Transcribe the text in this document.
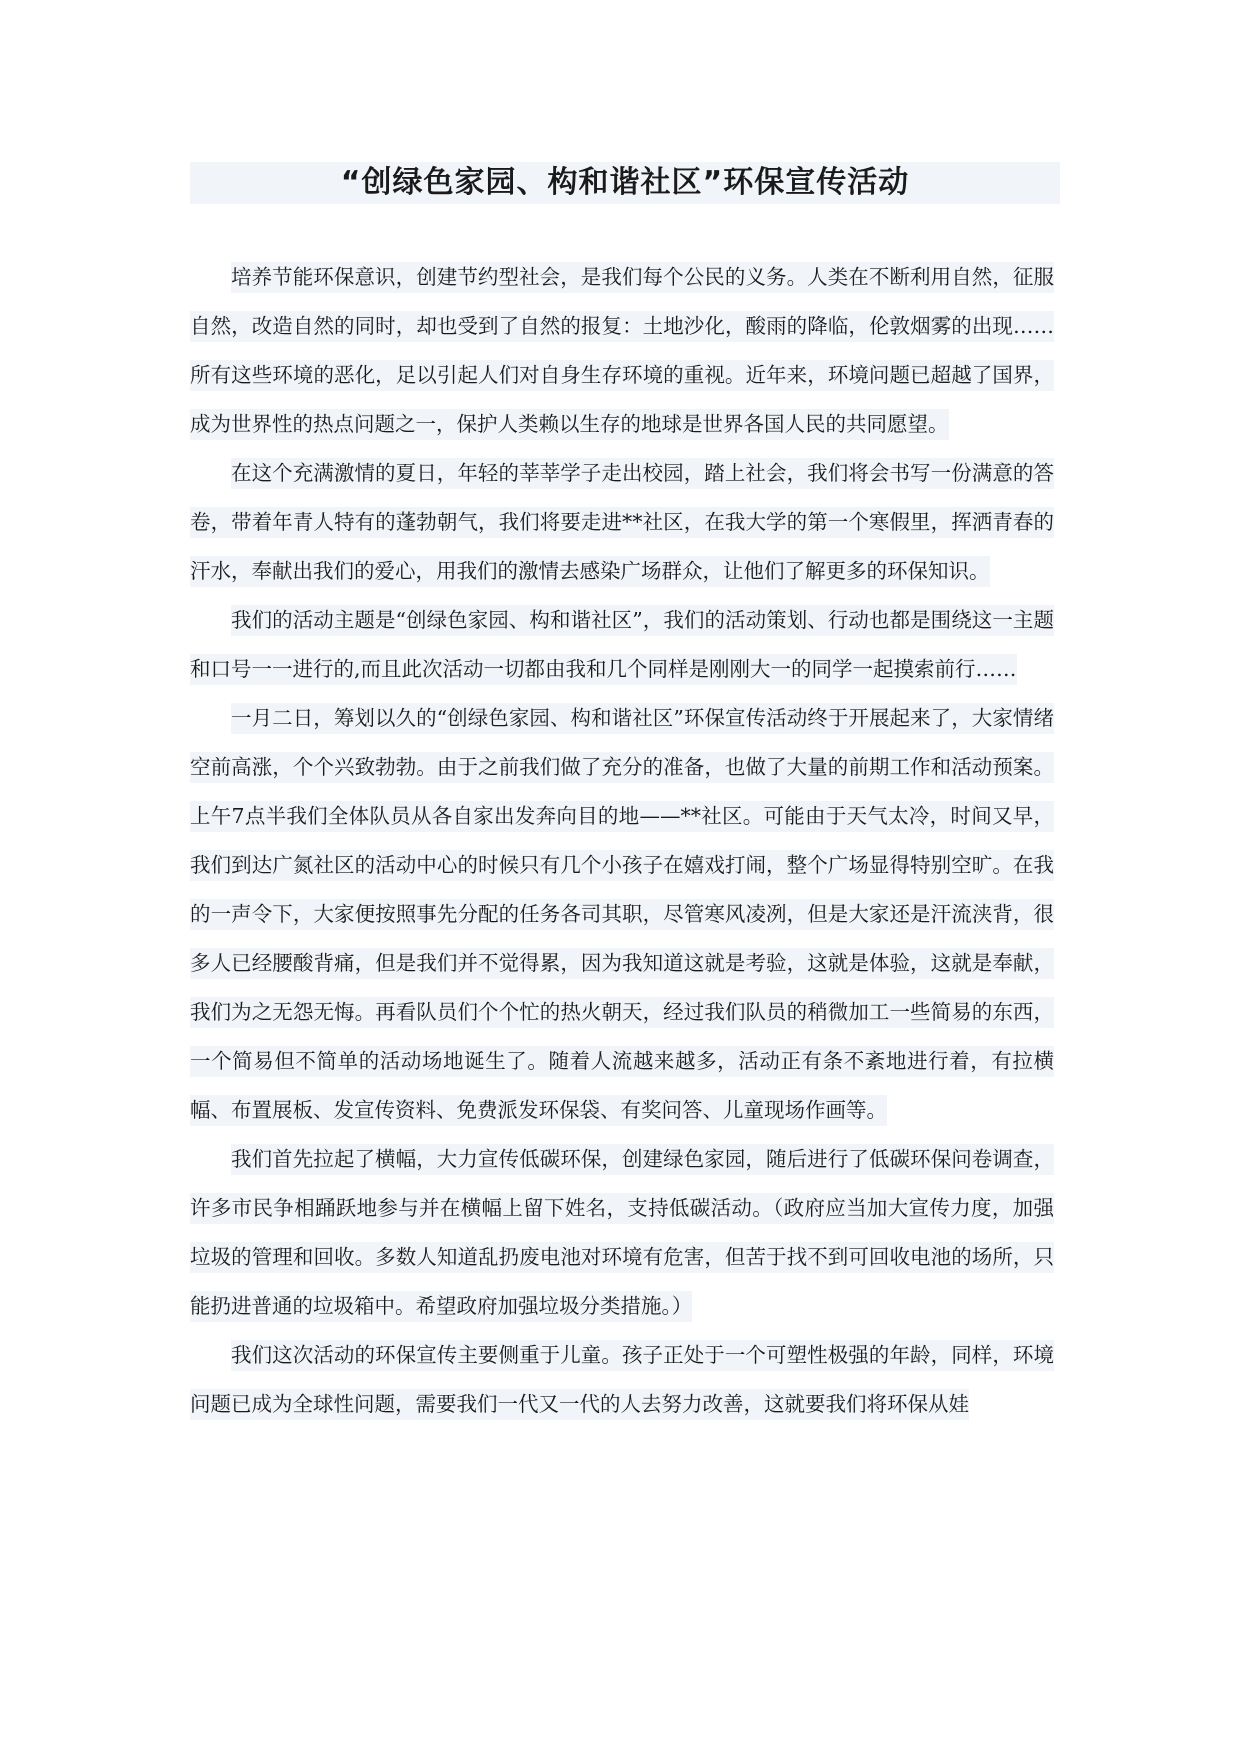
“创绿色家园、构和谐社区”环保宣传活动

培养节能环保意识，创建节约型社会，是我们每个公民的义务。人类在不断利用自然，征服自然，改造自然的同时，却也受到了自然的报复：土地沙化，酸雨的降临，伦敦烟雾的出现……所有这些环境的恶化，足以引起人们对自身生存环境的重视。近年来，环境问题已超越了国界，成为世界性的热点问题之一，保护人类赖以生存的地球是世界各国人民的共同愿望。

在这个充满激情的夏日，年轻的莘莘学子走出校园，踏上社会，我们将会书写一份满意的答卷，带着年青人特有的蓬勃朝气，我们将要走进**社区，在我大学的第一个寒假里，挥洒青春的汗水，奉献出我们的爱心，用我们的激情去感染广场群众，让他们了解更多的环保知识。

我们的活动主题是“创绿色家园、构和谐社区”，我们的活动策划、行动也都是围绕这一主题和口号一一进行的,而且此次活动一切都由我和几个同样是刚刚大一的同学一起摸索前行……

一月二日，筹划以久的“创绿色家园、构和谐社区”环保宣传活动终于开展起来了，大家情绪空前高涨，个个兴致勃勃。由于之前我们做了充分的准备，也做了大量的前期工作和活动预案。上午7点半我们全体队员从各自家出发奔向目的地——**社区。可能由于天气太冷，时间又早，我们到达广氮社区的活动中心的时候只有几个小孩子在嬉戏打闹，整个广场显得特别空旷。在我的一声令下，大家便按照事先分配的任务各司其职，尽管寒风凌冽，但是大家还是汗流浃背，很多人已经腰酸背痛，但是我们并不觉得累，因为我知道这就是考验，这就是体验，这就是奉献，我们为之无怨无悔。再看队员们个个忙的热火朝天，经过我们队员的稍微加工一些简易的东西，一个简易但不简单的活动场地诞生了。随着人流越来越多，活动正有条不紊地进行着，有拉横幅、布置展板、发宣传资料、免费派发环保袋、有奖问答、儿童现场作画等。

我们首先拉起了横幅，大力宣传低碳环保，创建绿色家园，随后进行了低碳环保问卷调查，许多市民争相踊跃地参与并在横幅上留下姓名，支持低碳活动。（政府应当加大宣传力度，加强垃圾的管理和回收。多数人知道乱扔废电池对环境有危害，但苦于找不到可回收电池的场所，只能扔进普通的垃圾箱中。希望政府加强垃圾分类措施。）

我们这次活动的环保宣传主要侧重于儿童。孩子正处于一个可塑性极强的年龄，同样，环境问题已成为全球性问题，需要我们一代又一代的人去努力改善，这就要我们将环保从娃
